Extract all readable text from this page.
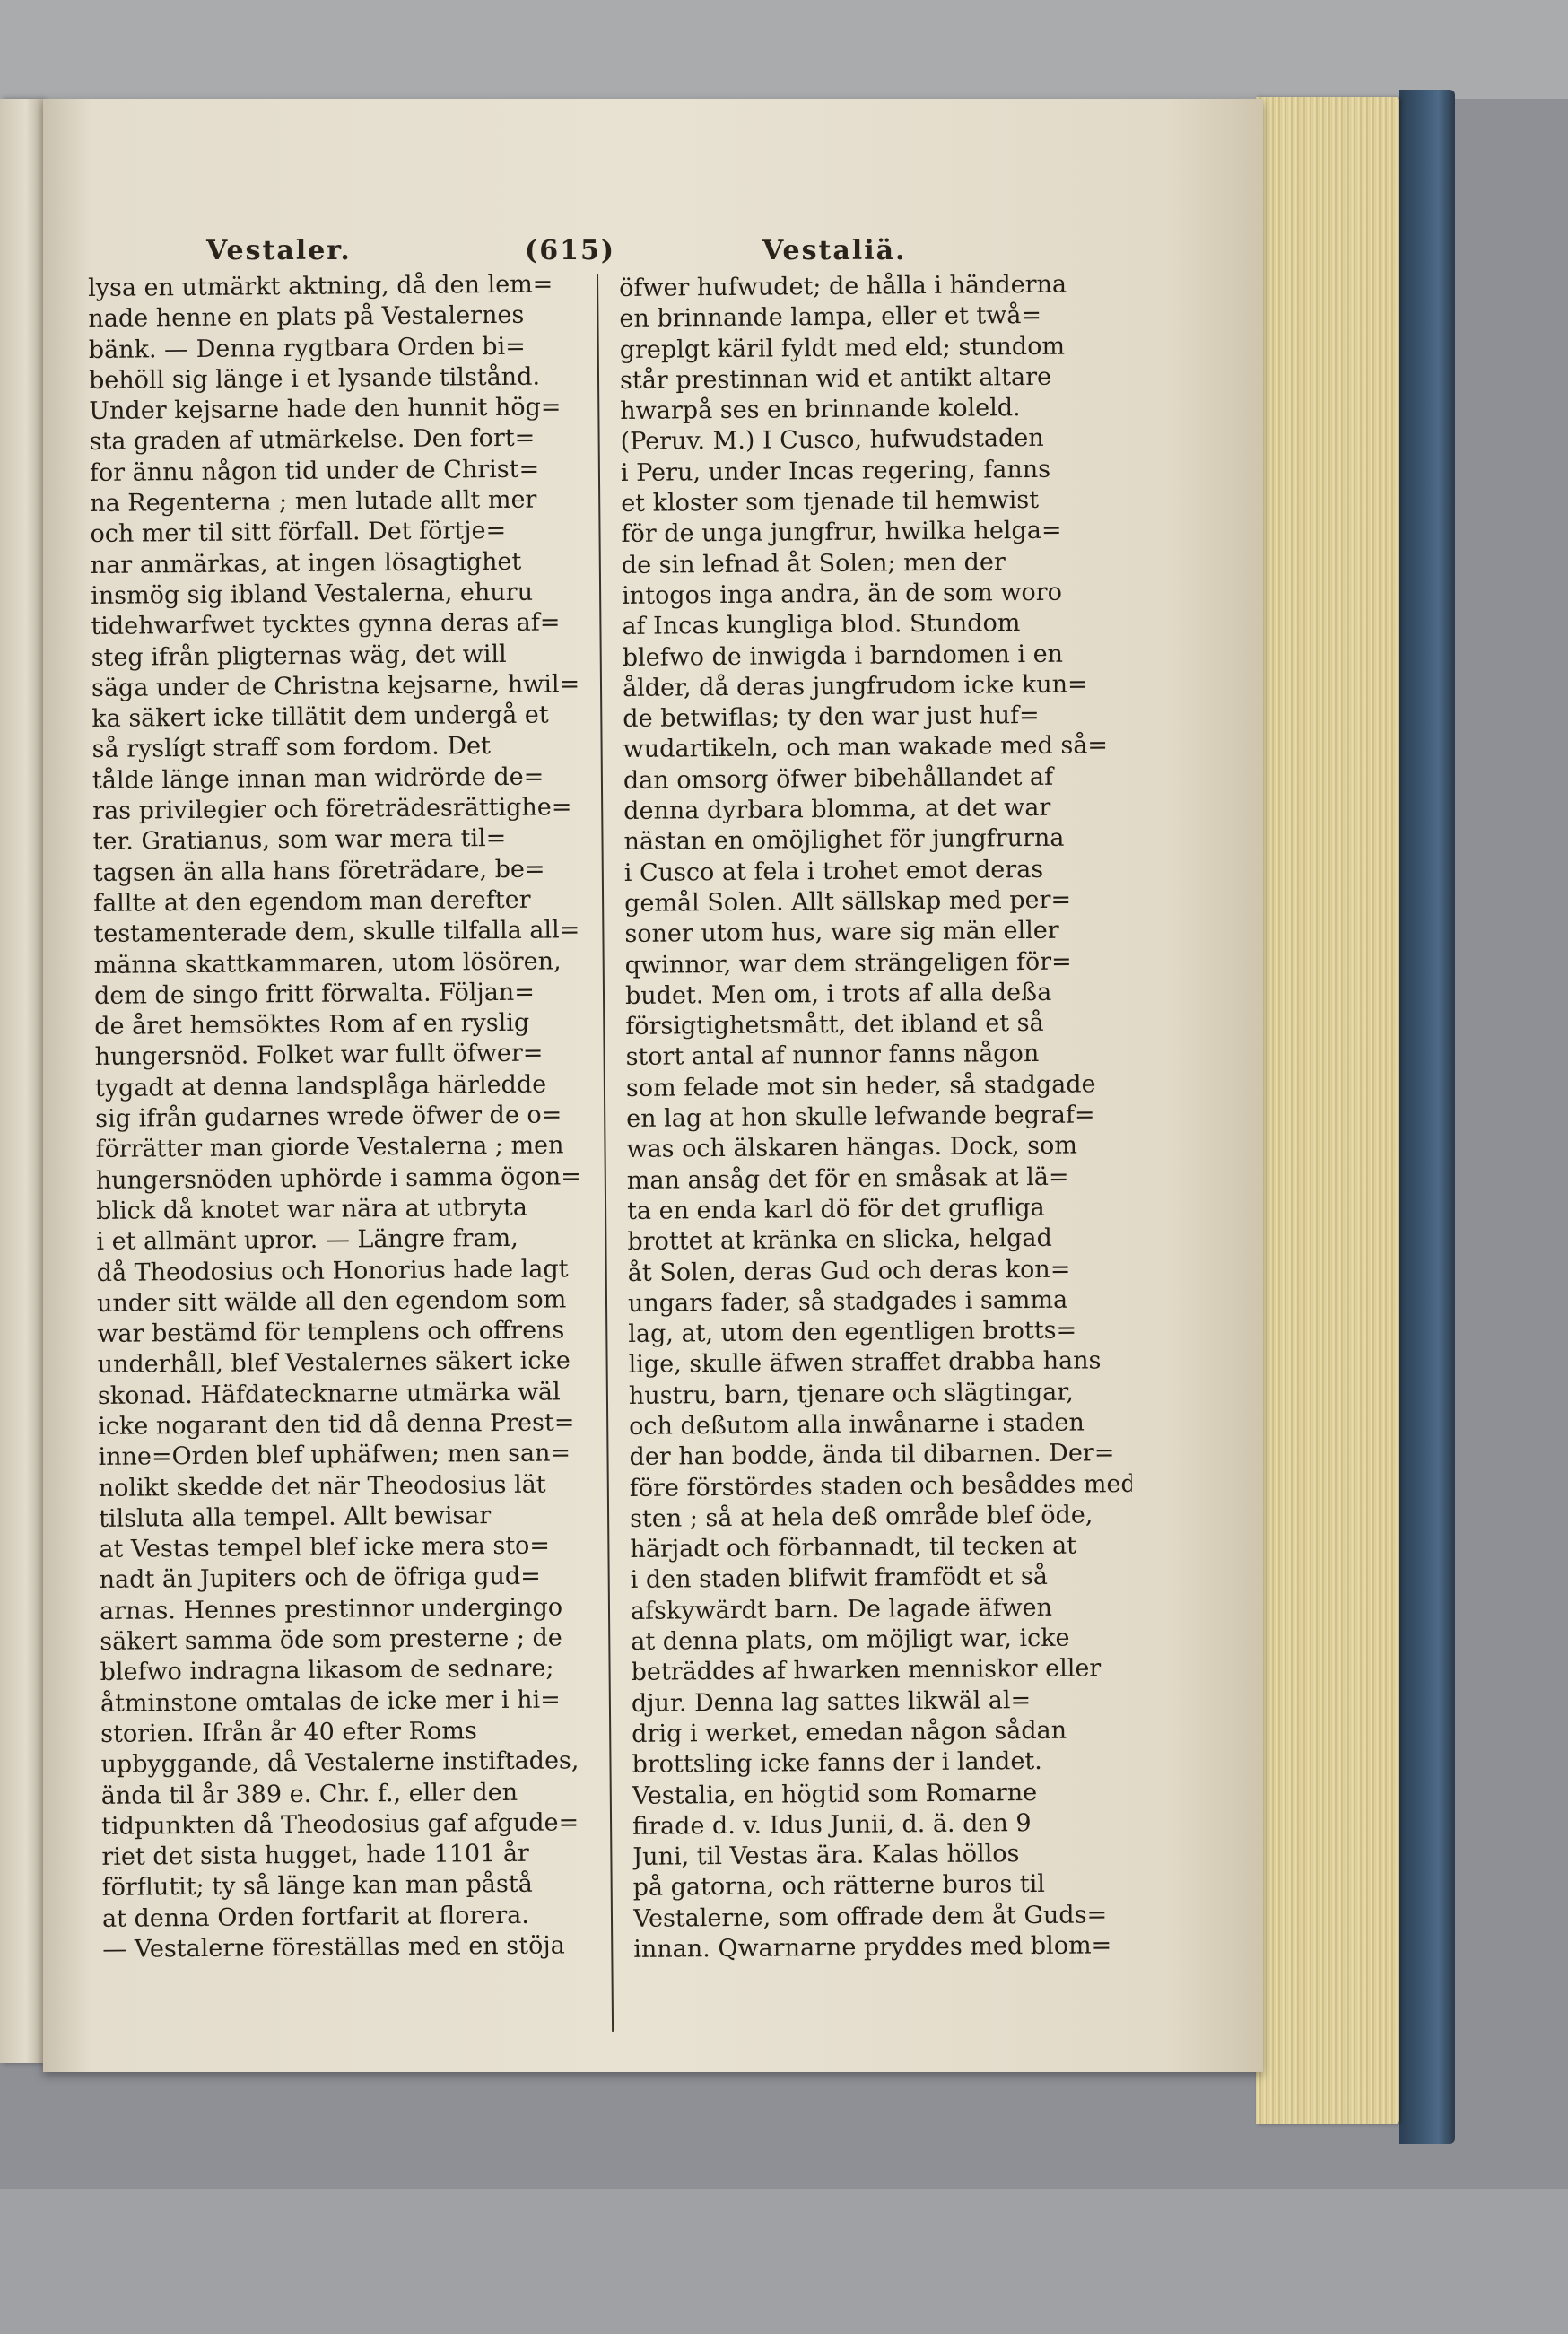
Vestaler.	(615)	Vestaliä.
lysa en utmärkt aktning, då den lem=
nade henne en plats på Vestalernes
bänk. — Denna rygtbara Orden bi=
behöll sig länge i et lysande tilstånd.
Under kejsarne hade den hunnit hög=
sta graden af utmärkelse. Den fort=
for ännu någon tid under de Christ=
na Regenterna ; men lutade allt mer
och mer til sitt förfall. Det förtje=
nar anmärkas, at ingen lösagtighet
insmög sig ibland Vestalerna, ehuru
tidehwarfwet tycktes gynna deras af=
steg ifrån pligternas wäg, det will
säga under de Christna kejsarne, hwil=
ka säkert icke tillätit dem undergå et
så ryslígt straff som fordom. Det
tålde länge innan man widrörde de=
ras privilegier och företrädesrättighe=
ter. Gratianus, som war mera til=
tagsen än alla hans företrädare, be=
fallte at den egendom man derefter
testamenterade dem, skulle tilfalla all=
männa skattkammaren, utom lösören,
dem de singo fritt förwalta. Följan=
de året hemsöktes Rom af en ryslig
hungersnöd. Folket war fullt öfwer=
tygadt at denna landsplåga härledde
sig ifrån gudarnes wrede öfwer de o=
förrätter man giorde Vestalerna ; men
hungersnöden uphörde i samma ögon=
blick då knotet war nära at utbryta
i et allmänt upror. — Längre fram,
då Theodosius och Honorius hade lagt
under sitt wälde all den egendom som
war bestämd för templens och offrens
underhåll, blef Vestalernes säkert icke
skonad. Häfdatecknarne utmärka wäl
icke nogarant den tid då denna Prest=
inne=Orden blef uphäfwen; men san=
nolikt skedde det när Theodosius lät
tilsluta alla tempel. Allt bewisar
at Vestas tempel blef icke mera sto=
nadt än Jupiters och de öfriga gud=
arnas. Hennes prestinnor undergingo
säkert samma öde som presterne ; de
blefwo indragna likasom de sednare;
åtminstone omtalas de icke mer i hi=
storien. Ifrån år 40 efter Roms
upbyggande, då Vestalerne instiftades,
ända til år 389 e. Chr. f., eller den
tidpunkten då Theodosius gaf afgude=
riet det sista hugget, hade 1101 år
förflutit; ty så länge kan man påstå
at denna Orden fortfarit at florera.
— Vestalerne föreställas med en stöja
öfwer hufwudet; de hålla i händerna
en brinnande lampa, eller et twå=
greplgt käril fyldt med eld; stundom
står prestinnan wid et antikt altare
hwarpå ses en brinnande koleld.
(Peruv. M.) I Cusco, hufwudstaden
i Peru, under Incas regering, fanns
et kloster som tjenade til hemwist
för de unga jungfrur, hwilka helga=
de sin lefnad åt Solen; men der
intogos inga andra, än de som woro
af Incas kungliga blod. Stundom
blefwo de inwigda i barndomen i en
ålder, då deras jungfrudom icke kun=
de betwiflas; ty den war just huf=
wudartikeln, och man wakade med så=
dan omsorg öfwer bibehållandet af
denna dyrbara blomma, at det war
nästan en omöjlighet för jungfrurna
i Cusco at fela i trohet emot deras
gemål Solen. Allt sällskap med per=
soner utom hus, ware sig män eller
qwinnor, war dem strängeligen för=
budet. Men om, i trots af alla deßa
försigtighetsmått, det ibland et så
stort antal af nunnor fanns någon
som felade mot sin heder, så stadgade
en lag at hon skulle lefwande begraf=
was och älskaren hängas. Dock, som
man ansåg det för en småsak at lä=
ta en enda karl dö för det grufliga
brottet at kränka en slicka, helgad
åt Solen, deras Gud och deras kon=
ungars fader, så stadgades i samma
lag, at, utom den egentligen brotts=
lige, skulle äfwen straffet drabba hans
hustru, barn, tjenare och slägtingar,
och deßutom alla inwånarne i staden
der han bodde, ända til dibarnen. Der=
före förstördes staden och besåddes med
sten ; så at hela deß område blef öde,
härjadt och förbannadt, til tecken at
i den staden blifwit framfödt et så
afskywärdt barn. De lagade äfwen
at denna plats, om möjligt war, icke
beträddes af hwarken menniskor eller
djur. Denna lag sattes likwäl al=
drig i werket, emedan någon sådan
brottsling icke fanns der i landet.
Vestalia, en högtid som Romarne
firade d. v. Idus Junii, d. ä. den 9
Juni, til Vestas ära. Kalas höllos
på gatorna, och rätterne buros til
Vestalerne, som offrade dem åt Guds=
innan. Qwarnarne pryddes med blom=
